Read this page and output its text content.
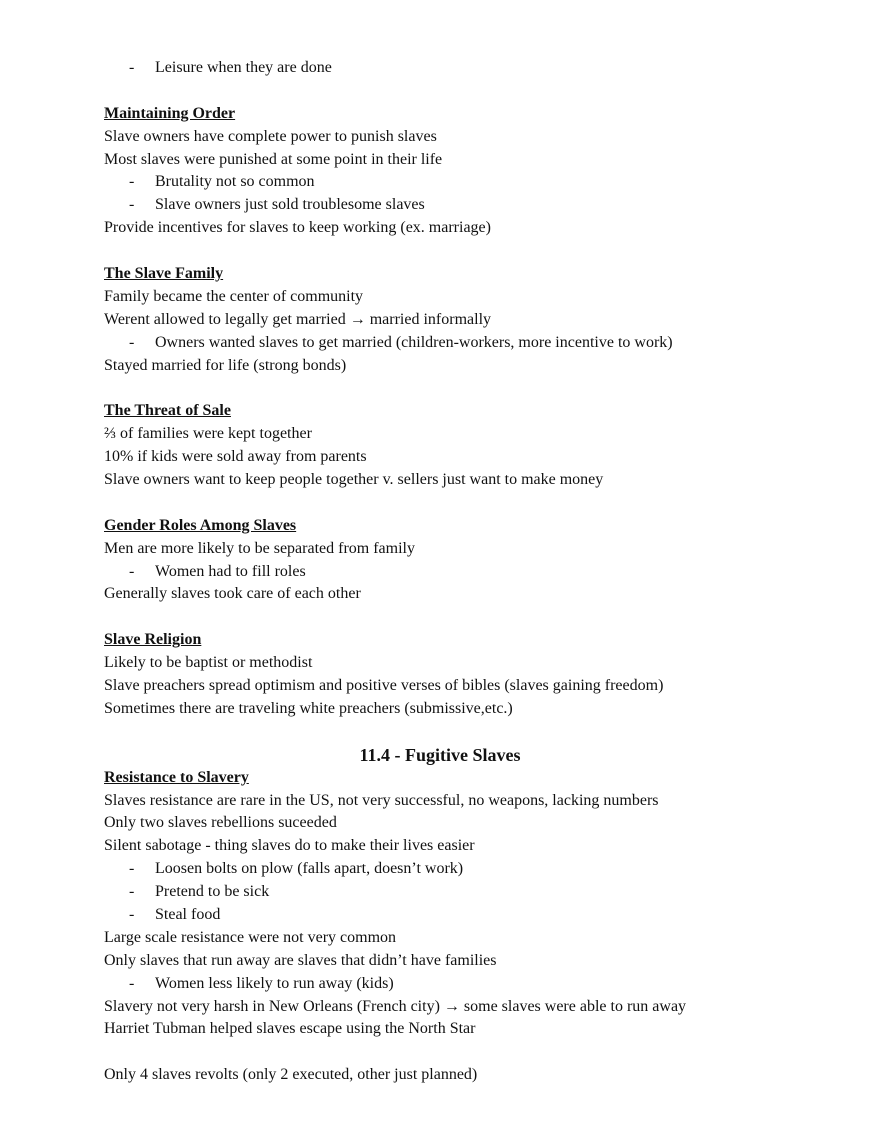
- Leisure when they are done
Maintaining Order
Slave owners have complete power to punish slaves
Most slaves were punished at some point in their life
- Brutality not so common
- Slave owners just sold troublesome slaves
Provide incentives for slaves to keep working (ex. marriage)
The Slave Family
Family became the center of community
Werent allowed to legally get married → married informally
- Owners wanted slaves to get married (children-workers, more incentive to work)
Stayed married for life (strong bonds)
The Threat of Sale
⅔ of families were kept together
10% if kids were sold away from parents
Slave owners want to keep people together v. sellers just want to make money
Gender Roles Among Slaves
Men are more likely to be separated from family
- Women had to fill roles
Generally slaves took care of each other
Slave Religion
Likely to be baptist or methodist
Slave preachers spread optimism and positive verses of bibles (slaves gaining freedom)
Sometimes there are traveling white preachers (submissive,etc.)
11.4 - Fugitive Slaves
Resistance to Slavery
Slaves resistance are rare in the US, not very successful, no weapons, lacking numbers
Only two slaves rebellions suceeded
Silent sabotage - thing slaves do to make their lives easier
- Loosen bolts on plow (falls apart, doesn’t work)
- Pretend to be sick
- Steal food
Large scale resistance were not very common
Only slaves that run away are slaves that didn’t have families
- Women less likely to run away (kids)
Slavery not very harsh in New Orleans (French city) → some slaves were able to run away
Harriet Tubman helped slaves escape using the North Star
Only 4 slaves revolts (only 2 executed, other just planned)
